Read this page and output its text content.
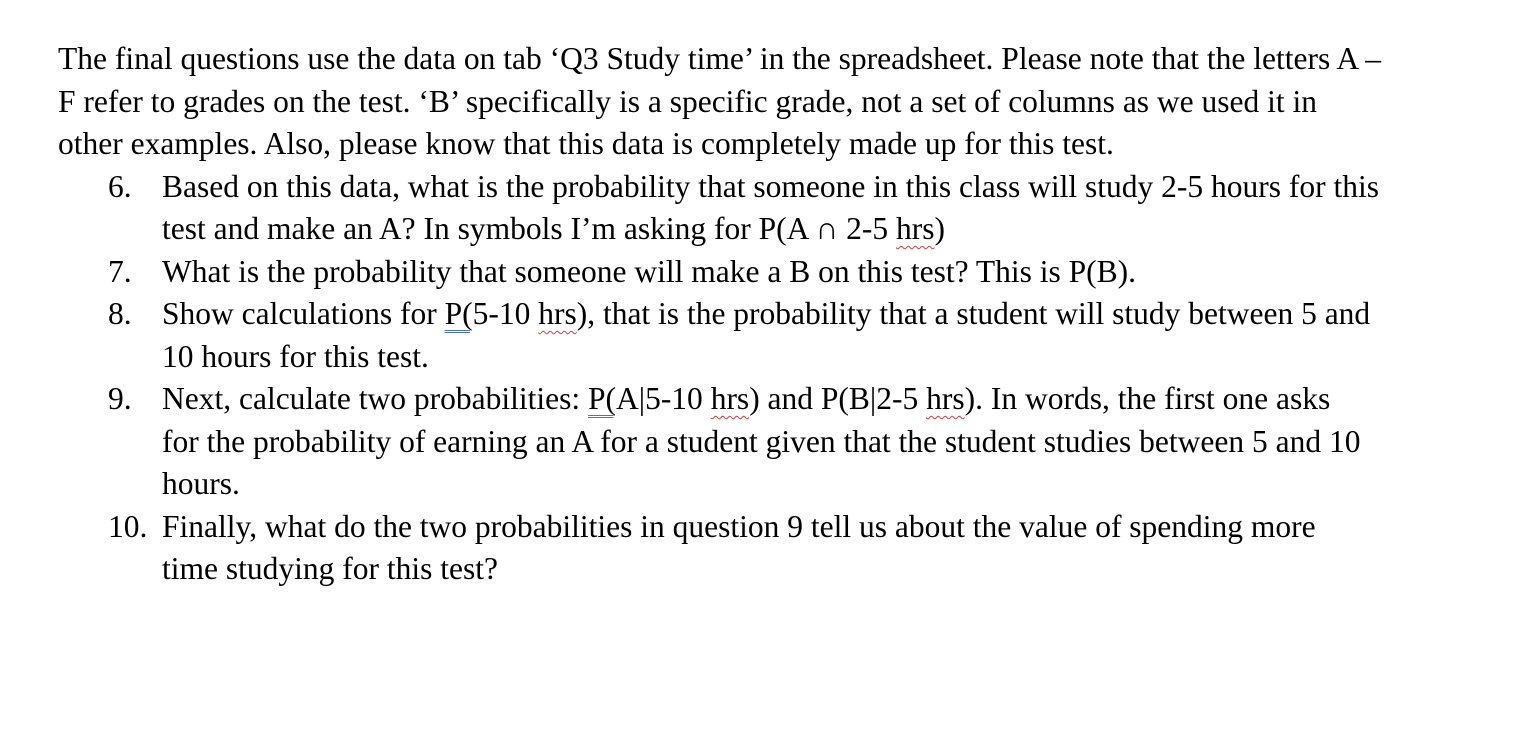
The final questions use the data on tab ‘Q3 Study time’ in the spreadsheet. Please note that the letters A – F refer to grades on the test. ‘B’ specifically is a specific grade, not a set of columns as we used it in other examples. Also, please know that this data is completely made up for this test.

6. Based on this data, what is the probability that someone in this class will study 2-5 hours for this test and make an A? In symbols I’m asking for P(A ∩ 2-5 hrs)
7. What is the probability that someone will make a B on this test? This is P(B).
8. Show calculations for P(5-10 hrs), that is the probability that a student will study between 5 and 10 hours for this test.
9. Next, calculate two probabilities: P(A|5-10 hrs) and P(B|2-5 hrs). In words, the first one asks for the probability of earning an A for a student given that the student studies between 5 and 10 hours.
10. Finally, what do the two probabilities in question 9 tell us about the value of spending more time studying for this test?
